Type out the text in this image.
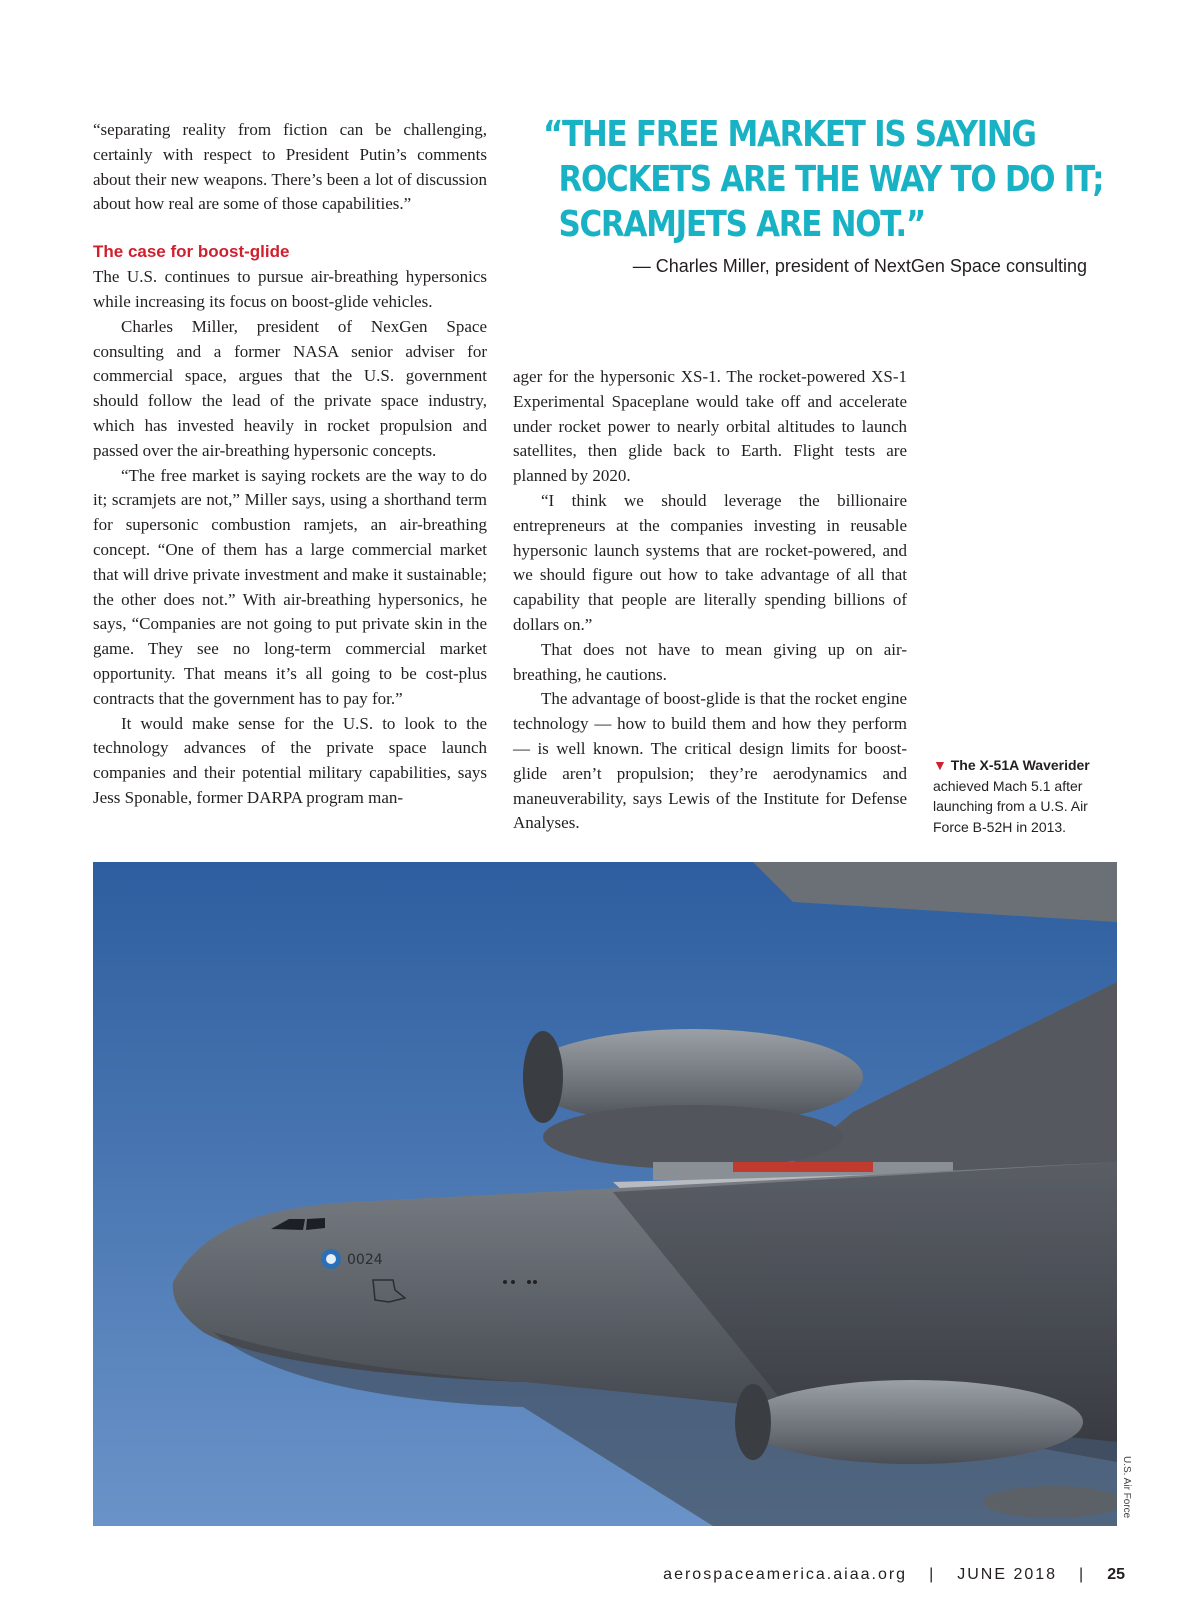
“separating reality from fiction can be challenging, certainly with respect to President Putin’s comments about their new weapons. There’s been a lot of discussion about how real are some of those capabilities.”

The case for boost-glide

The U.S. continues to pursue air-breathing hypersonics while increasing its focus on boost-glide vehicles.

Charles Miller, president of NexGen Space consulting and a former NASA senior adviser for commercial space, argues that the U.S. government should follow the lead of the private space industry, which has invested heavily in rocket propulsion and passed over the air-breathing hypersonic concepts.

“The free market is saying rockets are the way to do it; scramjets are not,” Miller says, using a shorthand term for supersonic combustion ramjets, an air-breathing concept. “One of them has a large commercial market that will drive private investment and make it sustainable; the other does not.” With air-breathing hypersonics, he says, “Companies are not going to put private skin in the game. They see no long-term commercial market opportunity. That means it’s all going to be cost-plus contracts that the government has to pay for.”

It would make sense for the U.S. to look to the technology advances of the private space launch companies and their potential military capabilities, says Jess Sponable, former DARPA program man-

“THE FREE MARKET IS SAYING
ROCKETS ARE THE WAY TO DO IT;
SCRAMJETS ARE NOT.”
— Charles Miller, president of NextGen Space consulting

ager for the hypersonic XS-1. The rocket-powered XS-1 Experimental Spaceplane would take off and accelerate under rocket power to nearly orbital altitudes to launch satellites, then glide back to Earth. Flight tests are planned by 2020.

“I think we should leverage the billionaire entrepreneurs at the companies investing in reusable hypersonic launch systems that are rocket-powered, and we should figure out how to take advantage of all that capability that people are literally spending billions of dollars on.”

That does not have to mean giving up on air-breathing, he cautions.

The advantage of boost-glide is that the rocket engine technology — how to build them and how they perform — is well known. The critical design limits for boost-glide aren’t propulsion; they’re aerodynamics and maneuverability, says Lewis of the Institute for Defense Analyses.

▼ The X-51A Waverider achieved Mach 5.1 after launching from a U.S. Air Force B-52H in 2013.
0024
U.S. Air Force
aerospaceamerica.aiaa.org | JUNE 2018 | 25
